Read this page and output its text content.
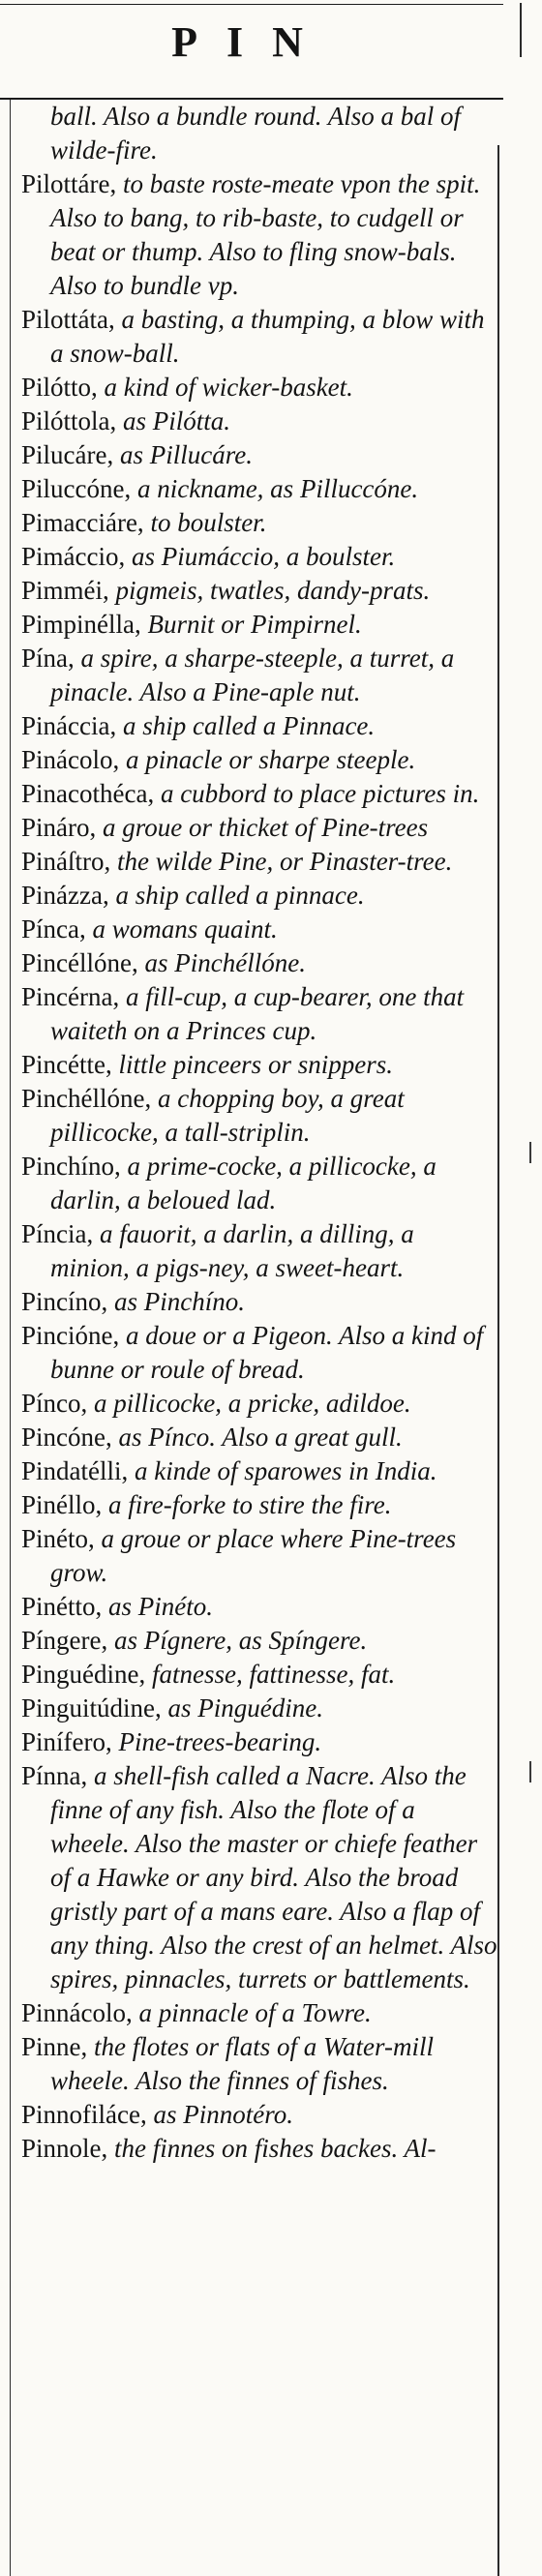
PIN
ball. Also a bundle round. Also a bal of wilde-fire.
Pilottáre, to baste roste-meate vpon the spit. Also to bang, to rib-baste, to cudgell or beat or thump. Also to fling snow-bals. Also to bundle vp.
Pilottáta, a basting, a thumping, a blow with a snow-ball.
Pilótto, a kind of wicker-basket.
Pilóttola, as Pilótta.
Pilucáre, as Pillucáre.
Piluccóne, a nickname, as Pilluccóne.
Pimacciáre, to boulster.
Pimáccio, as Piumáccio, a boulster.
Pimméi, pigmeis, twatles, dandy-prats.
Pimpinélla, Burnit or Pimpirnel.
Pína, a spire, a sharpe-steeple, a turret, a pinacle. Also a Pine-aple nut.
Pináccia, a ship called a Pinnace.
Pinácolo, a pinacle or sharpe steeple.
Pinacothéca, a cubbord to place pictures in.
Pináro, a groue or thicket of Pine-trees
Pináſtro, the wilde Pine, or Pinaster-tree.
Pinázza, a ship called a pinnace.
Pínca, a womans quaint.
Pincéllóne, as Pinchéllóne.
Pincérna, a fill-cup, a cup-bearer, one that waiteth on a Princes cup.
Pincétte, little pinceers or snippers.
Pinchéllóne, a chopping boy, a great pillicocke, a tall-striplin.
Pinchíno, a prime-cocke, a pillicocke, a darlin, a beloued lad.
Píncia, a fauorit, a darlin, a dilling, a minion, a pigs-ney, a sweet-heart.
Pincíno, as Pinchíno.
Pincióne, a doue or a Pigeon. Also a kind of bunne or roule of bread.
Pínco, a pillicocke, a pricke, adildoe.
Pincóne, as Pínco. Also a great gull.
Pindatélli, a kinde of sparowes in India.
Pinéllo, a fire-forke to stire the fire.
Pinéto, a groue or place where Pine-trees grow.
Pinétto, as Pinéto.
Píngere, as Pígnere, as Spíngere.
Pinguédine, fatnesse, fattinesse, fat.
Pinguitúdine, as Pinguédine.
Pinífero, Pine-trees-bearing.
Pínna, a shell-fish called a Nacre. Also the finne of any fish. Also the flote of a wheele. Also the master or chiefe feather of a Hawke or any bird. Also the broad gristly part of a mans eare. Also a flap of any thing. Also the crest of an helmet. Also spires, pinnacles, turrets or battlements.
Pinnácolo, a pinnacle of a Towre.
Pinne, the flotes or flats of a Water-mill wheele. Also the finnes of fishes.
Pinnofiláce, as Pinnotéro.
Pinnole, the finnes on fishes backes. Al-
